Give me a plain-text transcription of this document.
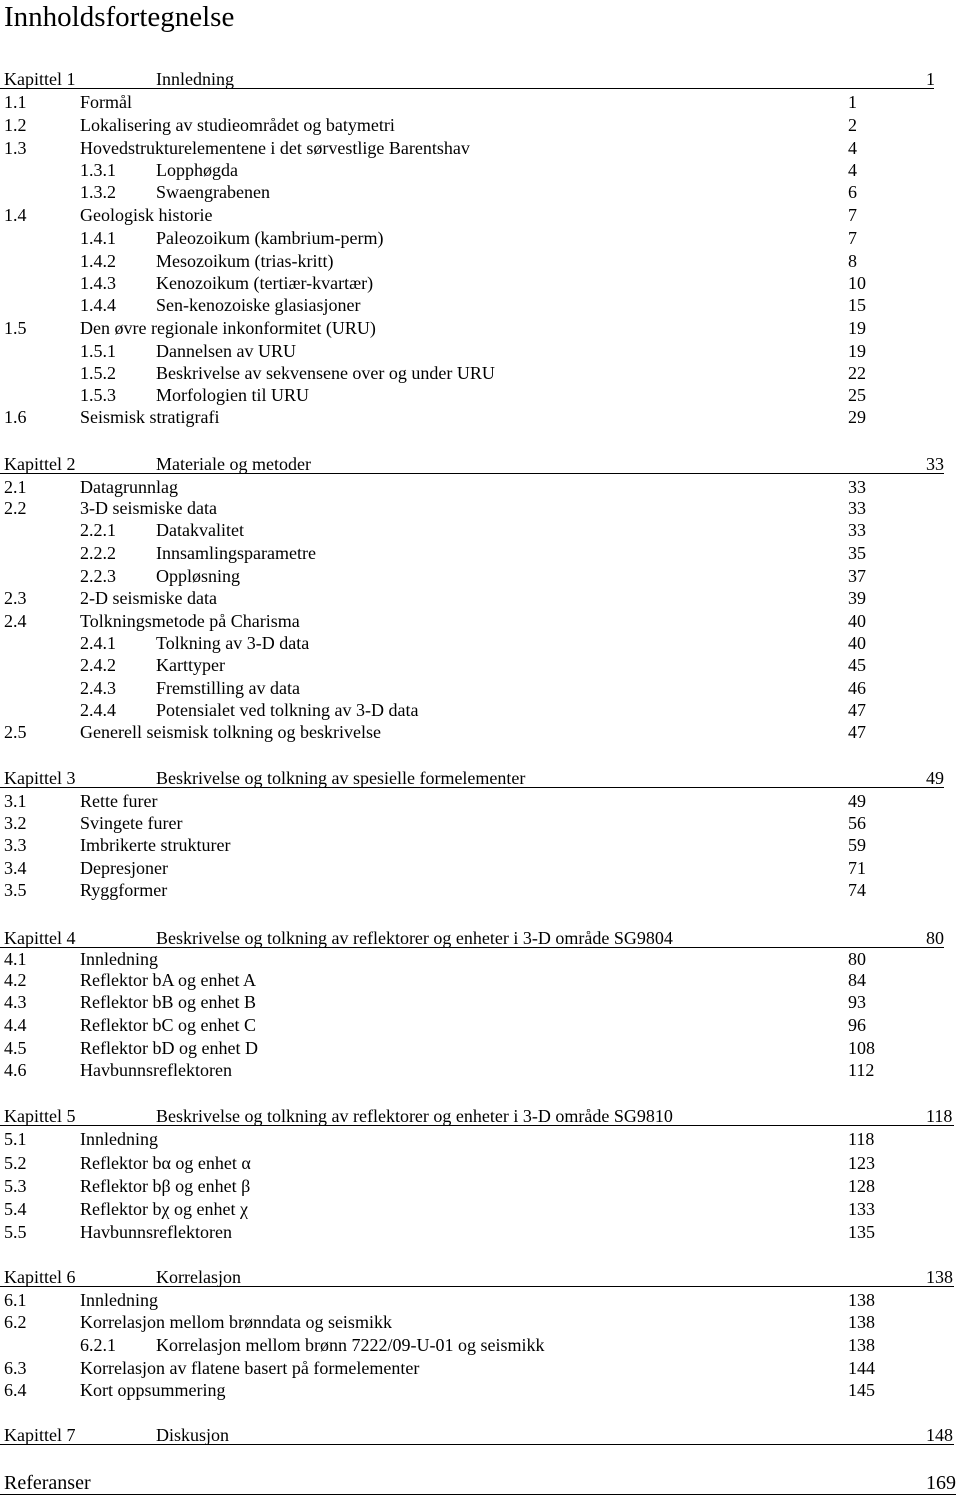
Innholdsfortegnelse
Kapittel 1	Innledning	1
1.1	Formål	1
1.2	Lokalisering av studieområdet og batymetri	2
1.3	Hovedstrukturelementene i det sørvestlige Barentshav	4
1.3.1 Lopphøgda	4
1.3.2 Swaengrabenen	6
1.4	Geologisk historie	7
1.4.1 Paleozoikum (kambrium-perm)	7
1.4.2 Mesozoikum (trias-kritt)	8
1.4.3 Kenozoikum (tertiær-kvartær)	10
1.4.4 Sen-kenozoiske glasiasjoner	15
1.5	Den øvre regionale inkonformitet (URU)	19
1.5.1 Dannelsen av URU	19
1.5.2 Beskrivelse av sekvensene over og under URU	22
1.5.3 Morfologien til URU	25
1.6	Seismisk stratigrafi	29
Kapittel 2	Materiale og metoder	33
2.1	Datagrunnlag	33
2.2	3-D seismiske data	33
2.2.1 Datakvalitet	33
2.2.2 Innsamlingsparametre	35
2.2.3 Oppløsning	37
2.3	2-D seismiske data	39
2.4	Tolkningsmetode på Charisma	40
2.4.1 Tolkning av 3-D data	40
2.4.2 Karttyper	45
2.4.3 Fremstilling av data	46
2.4.4 Potensialet ved tolkning av 3-D data	47
2.5	Generell seismisk tolkning og beskrivelse	47
Kapittel 3	Beskrivelse og tolkning av spesielle formelementer	49
3.1	Rette furer	49
3.2	Svingete furer	56
3.3	Imbrikerte strukturer	59
3.4	Depresjoner	71
3.5	Ryggformer	74
Kapittel 4	Beskrivelse og tolkning av reflektorer og enheter i 3-D område SG9804	80
4.1	Innledning	80
4.2	Reflektor bA og enhet A	84
4.3	Reflektor bB og enhet B	93
4.4	Reflektor bC og enhet C	96
4.5	Reflektor bD og enhet D	108
4.6	Havbunnsreflektoren	112
Kapittel 5	Beskrivelse og tolkning av reflektorer og enheter i 3-D område SG9810	118
5.1	Innledning	118
5.2	Reflektor bα og enhet α	123
5.3	Reflektor bβ og enhet β	128
5.4	Reflektor bχ og enhet χ	133
5.5	Havbunnsreflektoren	135
Kapittel 6	Korrelasjon	138
6.1	Innledning	138
6.2	Korrelasjon mellom brønndata og seismikk	138
6.2.1 Korrelasjon mellom brønn 7222/09-U-01 og seismikk	138
6.3	Korrelasjon av flatene basert på formelementer	144
6.4	Kort oppsummering	145
Kapittel 7	Diskusjon	148
Referanser	169
